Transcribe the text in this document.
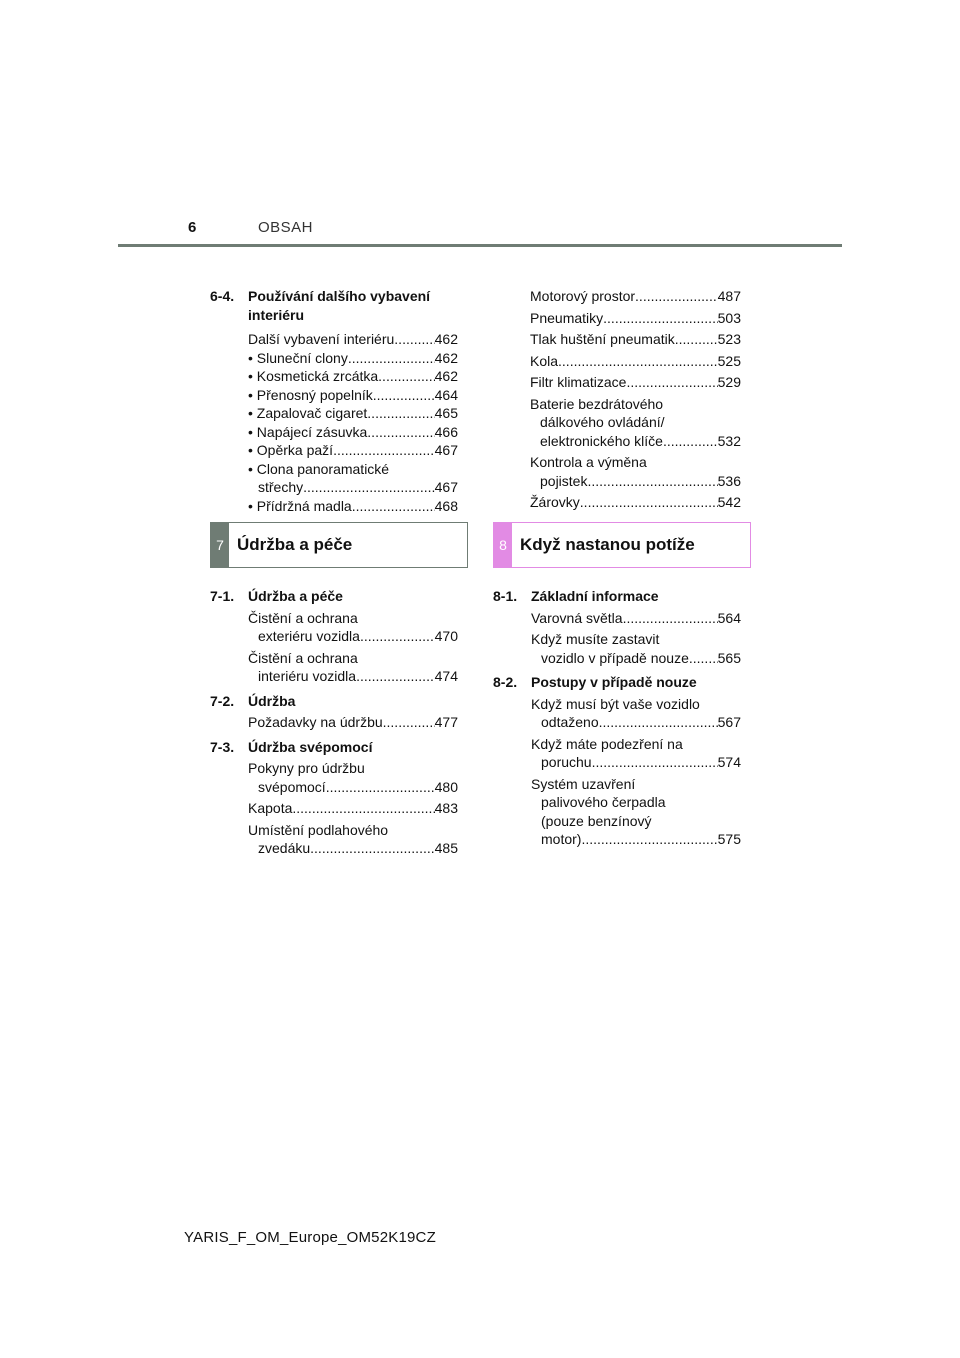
6	OBSAH
6-4. Používání dalšího vybavení interiéru
Další vybavení interiéru .....	462
• Sluneční clony .....	462
• Kosmetická zrcátka .....	462
• Přenosný popelník .....	464
• Zapalovač cigaret .....	465
• Napájecí zásuvka .....	466
• Opěrka paží .....	467

• Clona panoramatické

střechy .....	467
• Přídržná madla .....	468
7 Údržba a péče
Motorový prostor .....	487
Pneumatiky .....	503
Tlak huštění pneumatik .....	523
Kola .....	525
Filtr klimatizace .....	529

Baterie bezdrátového

dálkového ovládání/

elektronického klíče .....	532

Kontrola a výměna

pojistek .....	536
Žárovky .....	542
8 Když nastanou potíže
7-1. Údržba a péče

Čistění a ochrana

exteriéru vozidla .....	470

Čistění a ochrana

interiéru vozidla .....	474
7-2. Údržba
Požadavky na údržbu .....	477
7-3. Údržba svépomocí

Pokyny pro údržbu

svépomocí .....	480
Kapota .....	483

Umístění podlahového

zvedáku .....	485
8-1. Základní informace
Varovná světla .....	564

Když musíte zastavit

vozidlo v případě nouze ..... 565
8-2. Postupy v případě nouze

Když musí být vaše vozidlo

odtaženo .....	567

Když máte podezření na

poruchu .....	574

Systém uzavření

palivového čerpadla

(pouze benzínový

motor). .....	575
YARIS_F_OM_Europe_OM52K19CZ
